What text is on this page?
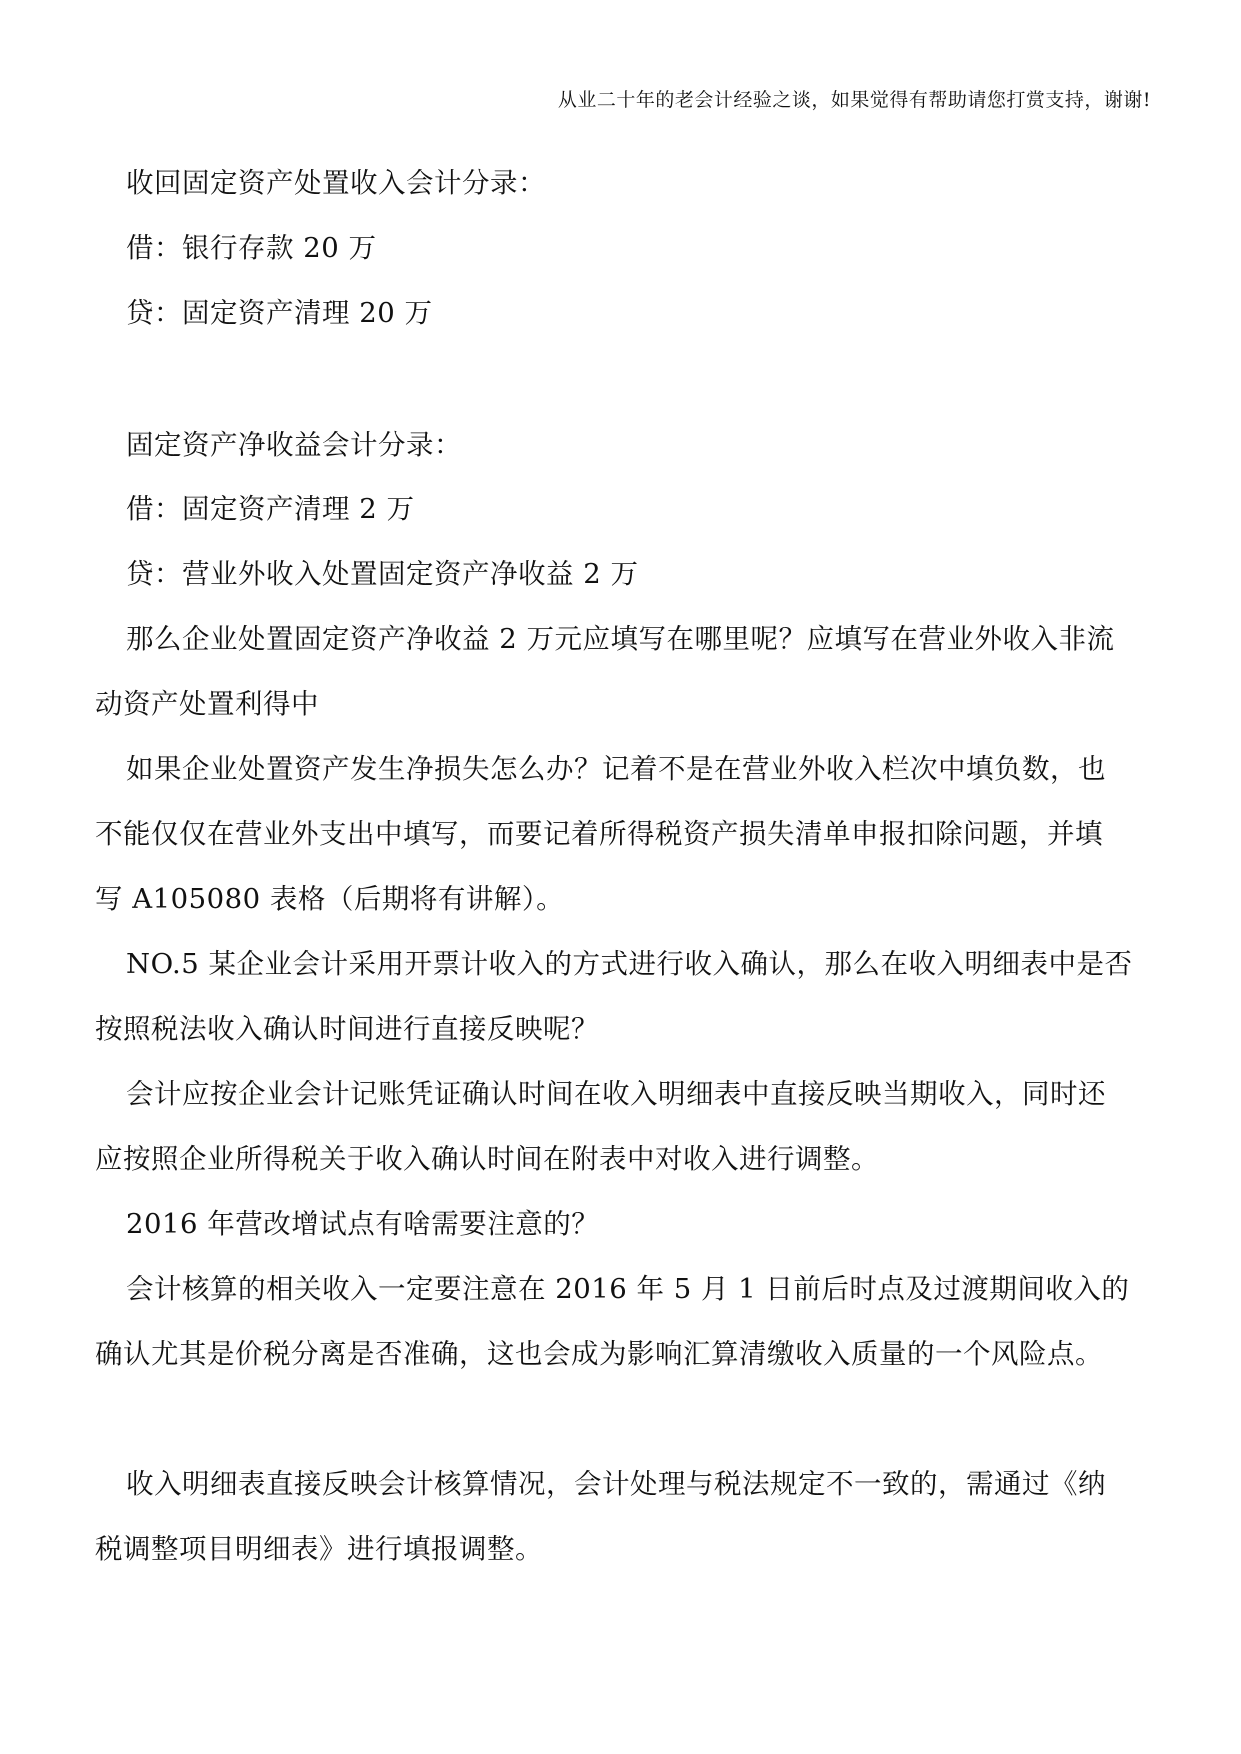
从业二十年的老会计经验之谈，如果觉得有帮助请您打赏支持，谢谢!
收回固定资产处置收入会计分录：
借：银行存款 20 万
贷：固定资产清理 20 万
固定资产净收益会计分录：
借：固定资产清理 2 万
贷：营业外收入处置固定资产净收益 2 万
那么企业处置固定资产净收益 2 万元应填写在哪里呢？应填写在营业外收入非流
动资产处置利得中
如果企业处置资产发生净损失怎么办？记着不是在营业外收入栏次中填负数，也
不能仅仅在营业外支出中填写，而要记着所得税资产损失清单申报扣除问题，并填
写 A105080 表格（后期将有讲解）。
NO.5 某企业会计采用开票计收入的方式进行收入确认，那么在收入明细表中是否
按照税法收入确认时间进行直接反映呢？
会计应按企业会计记账凭证确认时间在收入明细表中直接反映当期收入，同时还
应按照企业所得税关于收入确认时间在附表中对收入进行调整。
2016 年营改增试点有啥需要注意的？
会计核算的相关收入一定要注意在 2016 年 5 月 1 日前后时点及过渡期间收入的
确认尤其是价税分离是否准确，这也会成为影响汇算清缴收入质量的一个风险点。
收入明细表直接反映会计核算情况，会计处理与税法规定不一致的，需通过《纳
税调整项目明细表》进行填报调整。
